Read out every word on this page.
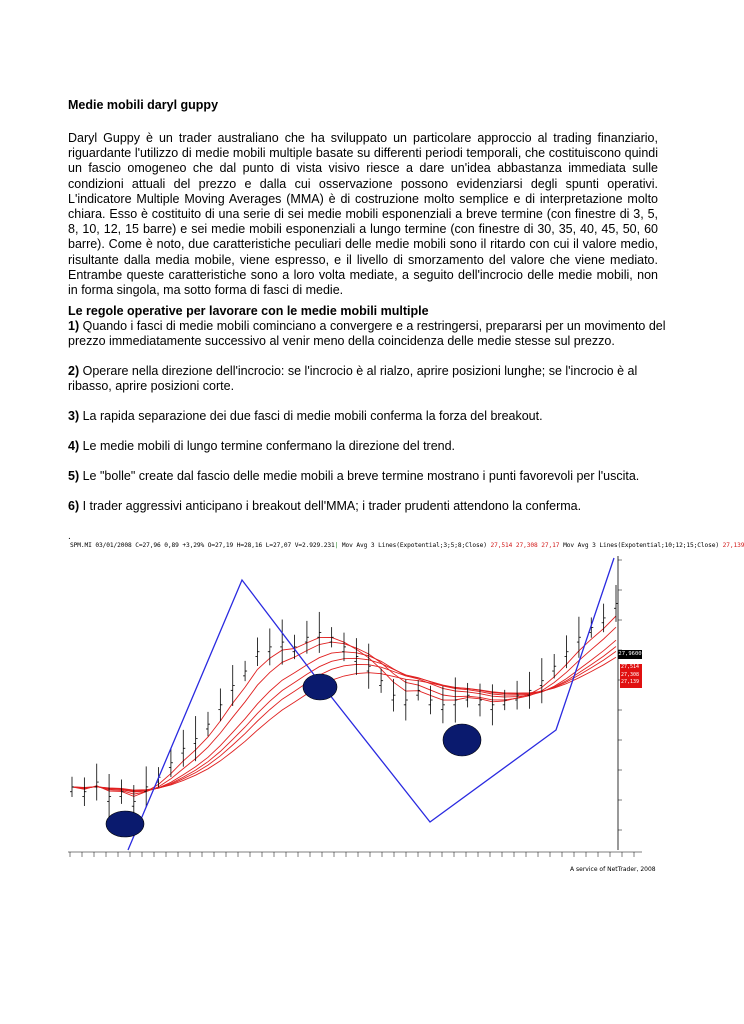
Medie mobili daryl guppy
Daryl Guppy è un trader australiano che ha sviluppato un particolare approccio al trading finanziario, riguardante l'utilizzo di medie mobili multiple basate su differenti periodi temporali, che costituiscono quindi un fascio omogeneo che dal punto di vista visivo riesce a dare un'idea abbastanza immediata sulle condizioni attuali del prezzo e dalla cui osservazione possono evidenziarsi degli spunti operativi. L'indicatore Multiple Moving Averages (MMA) è di costruzione molto semplice e di interpretazione molto chiara. Esso è costituito di una serie di sei medie mobili esponenziali a breve termine (con finestre di 3, 5, 8, 10, 12, 15 barre) e sei medie mobili esponenziali a lungo termine (con finestre di 30, 35, 40, 45, 50, 60 barre). Come è noto, due caratteristiche peculiari delle medie mobili sono il ritardo con cui il valore medio, risultante dalla media mobile, viene espresso, e il livello di smorzamento del valore che viene mediato. Entrambe queste caratteristiche sono a loro volta mediate, a seguito dell'incrocio delle medie mobili, non in forma singola, ma sotto forma di fasci di medie.
Le regole operative per lavorare con le medie mobili multiple
1) Quando i fasci di medie mobili cominciano a convergere e a restringersi, prepararsi per un movimento del prezzo immediatamente successivo al venir meno della coincidenza delle medie stesse sul prezzo.
2) Operare nella direzione dell'incrocio: se l'incrocio è al rialzo, aprire posizioni lunghe; se l'incrocio è al ribasso, aprire posizioni corte.
3) La rapida separazione dei due fasci di medie mobili conferma la forza del breakout.
4) Le medie mobili di lungo termine confermano la direzione del trend.
5) Le "bolle" create dal fascio delle medie mobili a breve termine mostrano i punti favorevoli per l'uscita.
6) I trader aggressivi anticipano i breakout dell'MMA; i trader prudenti attendono la conferma.
.
SPM.MI 03/01/2008 C=27,96 0,89 +3,29% O=27,19 H=28,16 L=27,07 V=2.929.231| Mov Avg 3 Lines(Expotential;3;5;8;Close) 27,514 27,308 27,17 Mov Avg 3 Lines(Expotential;10;12;15;Close) 27,139
27,9600
27,514
27,308
27,139
A service of NetTrader, 2008
